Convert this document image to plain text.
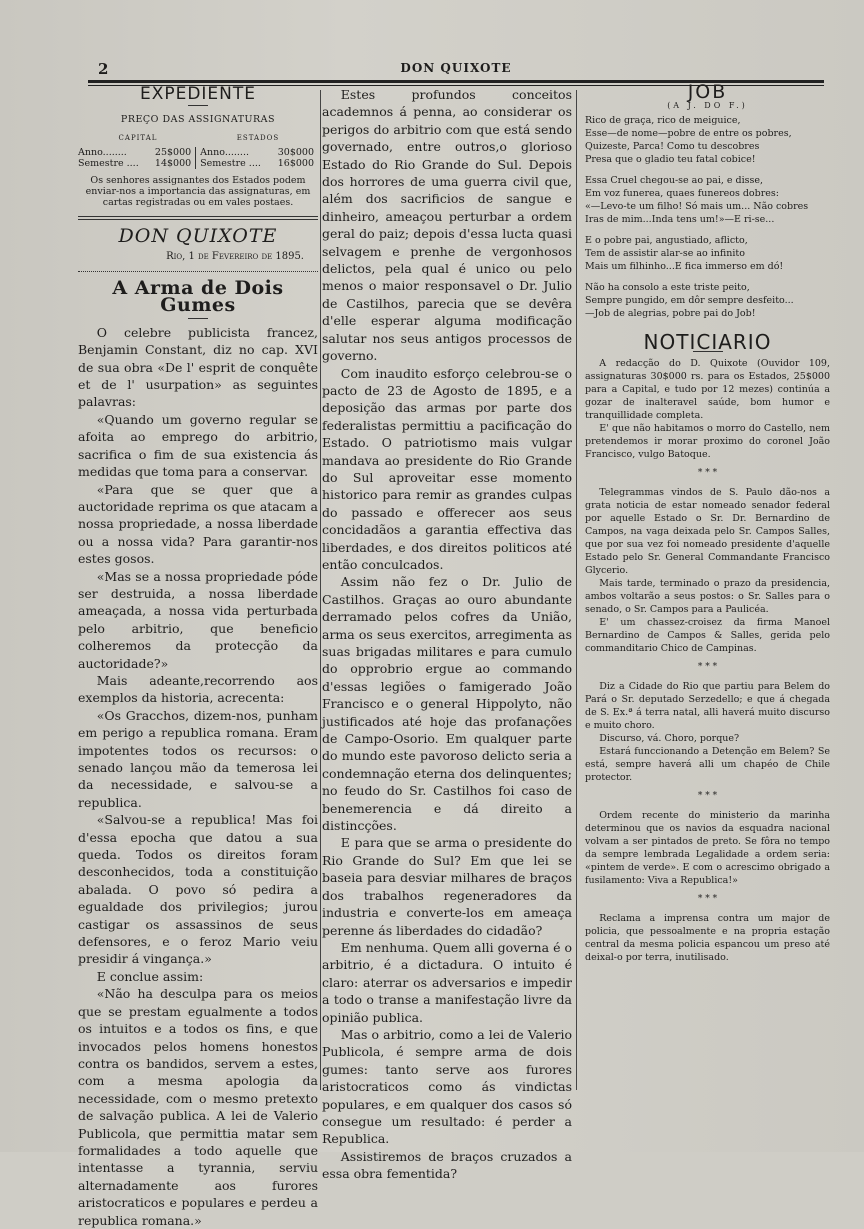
2	DON QUIXOTE
EXPEDIENTE
PREÇO DAS ASSIGNATURAS
CAPITAL	ESTADOS
Anno........	25$000	Anno........	30$000
Semestre ....	14$000	Semestre ....	16$000
Os senhores assignantes dos Estados podem enviar-nos a importancia das assignaturas, em cartas registradas ou em vales postaes.
DON QUIXOTE
Rio, 1 de Fevereiro de 1895.
A Arma de Dois Gumes

O celebre publicista francez, Benjamin Constant, diz no cap. XVI de sua obra «De l' esprit de conquête et de l' usurpation» as seguintes palavras:

«Quando um governo regular se afoita ao emprego do arbitrio, sacrifica o fim de sua existencia ás medidas que toma para a conservar.

«Para que se quer que a auctoridade reprima os que atacam a nossa propriedade, a nossa liberdade ou a nossa vida? Para garantir-nos estes gosos.

«Mas se a nossa propriedade póde ser destruida, a nossa liberdade ameaçada, a nossa vida perturbada pelo arbitrio, que beneficio colheremos da protecção da auctoridade?»

Mais adeante,recorrendo aos exemplos da historia, acrecenta:

«Os Gracchos, dizem-nos, punham em perigo a republica romana. Eram impotentes todos os recursos: o senado lançou mão da temerosa lei da necessidade, e salvou-se a republica.

«Salvou-se a republica! Mas foi d'essa epocha que datou a sua queda. Todos os direitos foram desconhecidos, toda a constituição abalada. O povo só pedira a egualdade dos privilegios; jurou castigar os assassinos de seus defensores, e o feroz Mario veiu presidir á vingança.»

E conclue assim:

«Não ha desculpa para os meios que se prestam egualmente a todos os intuitos e a todos os fins, e que invocados pelos homens honestos contra os bandidos, servem a estes, com a mesma apologia da necessidade, com o mesmo pretexto de salvação publica. A lei de Valerio Publicola, que permittia matar sem formalidades a todo aquelle que intentasse a tyrannia, serviu alternadamente aos furores aristocraticos e populares e perdeu a republica romana.»

Estes profundos conceitos academnos á penna, ao considerar os perigos do arbitrio com que está sendo governado, entre outros,o glorioso Estado do Rio Grande do Sul. Depois dos horrores de uma guerra civil que, além dos sacrificios de sangue e dinheiro, ameaçou perturbar a ordem geral do paiz; depois d'essa lucta quasi selvagem e prenhe de vergonhosos delictos, pela qual é unico ou pelo menos o maior responsavel o Dr. Julio de Castilhos, parecia que se devêra d'elle esperar alguma modificação salutar nos seus antigos processos de governo.

Com inaudito esforço celebrou-se o pacto de 23 de Agosto de 1895, e a deposição das armas por parte dos federalistas permittiu a pacificação do Estado. O patriotismo mais vulgar mandava ao presidente do Rio Grande do Sul aproveitar esse momento historico para remir as grandes culpas do passado e offerecer aos seus concidadãos a garantia effectiva das liberdades, e dos direitos politicos até então conculcados.

Assim não fez o Dr. Julio de Castilhos. Graças ao ouro abundante derramado pelos cofres da União, arma os seus exercitos, arregimenta as suas brigadas militares e para cumulo do opprobrio ergue ao commando d'essas legiões o famigerado João Francisco e o general Hippolyto, não justificados até hoje das profanações de Campo-Osorio. Em qualquer parte do mundo este pavoroso delicto seria a condemnação eterna dos delinquentes; no feudo do Sr. Castilhos foi caso de benemerencia e dá direito a distincções.

E para que se arma o presidente do Rio Grande do Sul? Em que lei se baseia para desviar milhares de braços dos trabalhos regeneradores da industria e converte-los em ameaça perenne ás liberdades do cidadão?

Em nenhuma. Quem alli governa é o arbitrio, é a dictadura. O intuito é claro: aterrar os adversarios e impedir a todo o transe a manifestação livre da opinião publica.

Mas o arbitrio, como a lei de Valerio Publicola, é sempre arma de dois gumes: tanto serve aos furores aristocraticos como ás vindictas populares, e em qualquer dos casos só consegue um resultado: é perder a Republica.

Assistiremos de braços cruzados a essa obra fementida?

JOB
(A J. DO F.)
Rico de graça, rico de meiguice,
Esse—de nome—pobre de entre os pobres,
Quizeste, Parca! Como tu descobres
Presa que o gladio teu fatal cobice!
Essa Cruel chegou-se ao pai, e disse,
Em voz funerea, quaes funereos dobres:
«—Levo-te um filho! Só mais um... Não cobres
Iras de mim...Inda tens um!»—E ri-se...
E o pobre pai, angustiado, aflicto,
Tem de assistir alar-se ao infinito
Mais um filhinho...E fica immerso em dó!
Não ha consolo a este triste peito,
Sempre pungido, em dôr sempre desfeito...
—Job de alegrias, pobre pai do Job!
NOTICIARIO

A redacção do D. Quixote (Ouvidor 109, assignaturas 30$000 rs. para os Estados, 25$000 para a Capital, e tudo por 12 mezes) continúa a gozar de inalteravel saúde, bom humor e tranquillidade completa.

E' que não habitamos o morro do Castello, nem pretendemos ir morar proximo do coronel João Francisco, vulgo Batoque.

* * *

Telegrammas vindos de S. Paulo dão-nos a grata noticia de estar nomeado senador federal por aquelle Estado o Sr. Dr. Bernardino de Campos, na vaga deixada pelo Sr. Campos Salles, que por sua vez foi nomeado presidente d'aquelle Estado pelo Sr. General Commandante Francisco Glycerio.

Mais tarde, terminado o prazo da presidencia, ambos voltarão a seus postos: o Sr. Salles para o senado, o Sr. Campos para a Paulicéa.

E' um chassez-croisez da firma Manoel Bernardino de Campos & Salles, gerida pelo commanditario Chico de Campinas.

* * *

Diz a Cidade do Rio que partiu para Belem do Pará o Sr. deputado Serzedello; e que á chegada de S. Ex.ª á terra natal, alli haverá muito discurso e muito choro.

Discurso, vá. Choro, porque?

Estará funccionando a Detenção em Belem? Se está, sempre haverá alli um chapéo de Chile protector.

* * *

Ordem recente do ministerio da marinha determinou que os navios da esquadra nacional volvam a ser pintados de preto. Se fôra no tempo da sempre lembrada Legalidade a ordem seria: «pintem de verde». E com o acrescimo obrigado a fusilamento: Viva a Republica!»

* * *

Reclama a imprensa contra um major de policia, que pessoalmente e na propria estação central da mesma policia espancou um preso até deixal-o por terra, inutilisado.
